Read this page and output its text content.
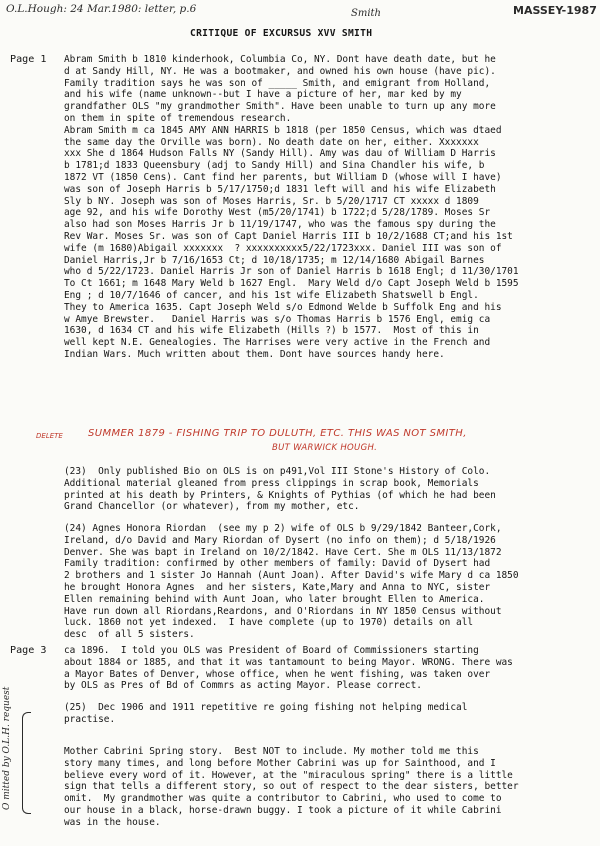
O.L.Hough: 24 Mar.1980: letter, p.6	Smith	MASSEY-1987
CRITIQUE OF EXCURSUS XVV SMITH
Page 1 Abram Smith b 1810 kinderhook, Columbia Co, NY. Dont have death date, but he
d at Sandy Hill, NY. He was a bootmaker, and owned his own house (have pic).
Family tradition says he was son of _____ Smith, and emigrant from Holland,
and his wife (name unknown--but I have a picture of her, mar ked by my
grandfather OLS "my grandmother Smith". Have been unable to turn up any more
on them in spite of tremendous research.
Abram Smith m ca 1845 AMY ANN HARRIS b 1818 (per 1850 Census, which was dtaed
the same day the Orville was born). No death date on her, either. Xxxxxxx
xxx She d 1864 Hudson Falls NY (Sandy Hill). Amy was dau of William D Harris
b 1781;d 1833 Queensbury (adj to Sandy Hill) and Sina Chandler his wife, b
1872 VT (1850 Cens). Cant find her parents, but William D (whose will I have)
was son of Joseph Harris b 5/17/1750;d 1831 left will and his wife Elizabeth
Sly b NY. Joseph was son of Moses Harris, Sr. b 5/20/1717 CT xxxxx d 1809
age 92, and his wife Dorothy West (m5/20/1741) b 1722;d 5/28/1789. Moses Sr
also had son Moses Harris Jr b 11/19/1747, who was the famous spy during the
Rev War. Moses Sr. was son of Capt Daniel Harris III b 10/2/1688 CT;and his 1st
wife (m 1680)Abigail xxxxxxx  ? xxxxxxxxxx5/22/1723xxx. Daniel III was son of
Daniel Harris,Jr b 7/16/1653 Ct; d 10/18/1735; m 12/14/1680 Abigail Barnes
who d 5/22/1723. Daniel Harris Jr son of Daniel Harris b 1618 Engl; d 11/30/1701
To Ct 1661; m 1648 Mary Weld b 1627 Engl.  Mary Weld d/o Capt Joseph Weld b 1595
Eng ; d 10/7/1646 of cancer, and his 1st wife Elizabeth Shatswell b Engl.
They to America 1635. Capt Joseph Weld s/o Edmond Welde b Suffolk Eng and his
w Amye Brewster.   Daniel Harris was s/o Thomas Harris b 1576 Engl, emig ca
1630, d 1634 CT and his wife Elizabeth (Hills ?) b 1577.  Most of this in
well kept N.E. Genealogies. The Harrises were very active in the French and
Indian Wars. Much written about them. Dont have sources handy here.
DELETE	SUMMER 1879 - FISHING TRIP TO DULUTH, ETC. THIS WAS NOT SMITH,
BUT WARWICK HOUGH.
(23)  Only published Bio on OLS is on p491,Vol III Stone's History of Colo.
Additional material gleaned from press clippings in scrap book, Memorials
printed at his death by Printers, & Knights of Pythias (of which he had been
Grand Chancellor (or whatever), from my mother, etc.
(24) Agnes Honora Riordan  (see my p 2) wife of OLS b 9/29/1842 Banteer,Cork,
Ireland, d/o David and Mary Riordan of Dysert (no info on them); d 5/18/1926
Denver. She was bapt in Ireland on 10/2/1842. Have Cert. She m OLS 11/13/1872
Family tradition: confirmed by other members of family: David of Dysert had
2 brothers and 1 sister Jo Hannah (Aunt Joan). After David's wife Mary d ca 1850
he brought Honora Agnes  and her sisters, Kate,Mary and Anna to NYC, sister
Ellen remaining behind with Aunt Joan, who later brought Ellen to America.
Have run down all Riordans,Reardons, and O'Riordans in NY 1850 Census without
luck. 1860 not yet indexed.  I have complete (up to 1970) details on all
desc  of all 5 sisters.
Page 3 ca 1896.  I told you OLS was President of Board of Commissioners starting
about 1884 or 1885, and that it was tantamount to being Mayor. WRONG. There was
a Mayor Bates of Denver, whose office, when he went fishing, was taken over
by OLS as Pres of Bd of Commrs as acting Mayor. Please correct.
(25)  Dec 1906 and 1911 repetitive re going fishing not helping medical
practise.
Mother Cabrini Spring story.  Best NOT to include. My mother told me this
story many times, and long before Mother Cabrini was up for Sainthood, and I
believe every word of it. However, at the "miraculous spring" there is a little
sign that tells a different story, so out of respect to the dear sisters, better
omit.  My grandmother was quite a contributor to Cabrini, who used to come to
our house in a black, horse-drawn buggy. I took a picture of it while Cabrini
was in the house.
O mitted by O.L.H. request
